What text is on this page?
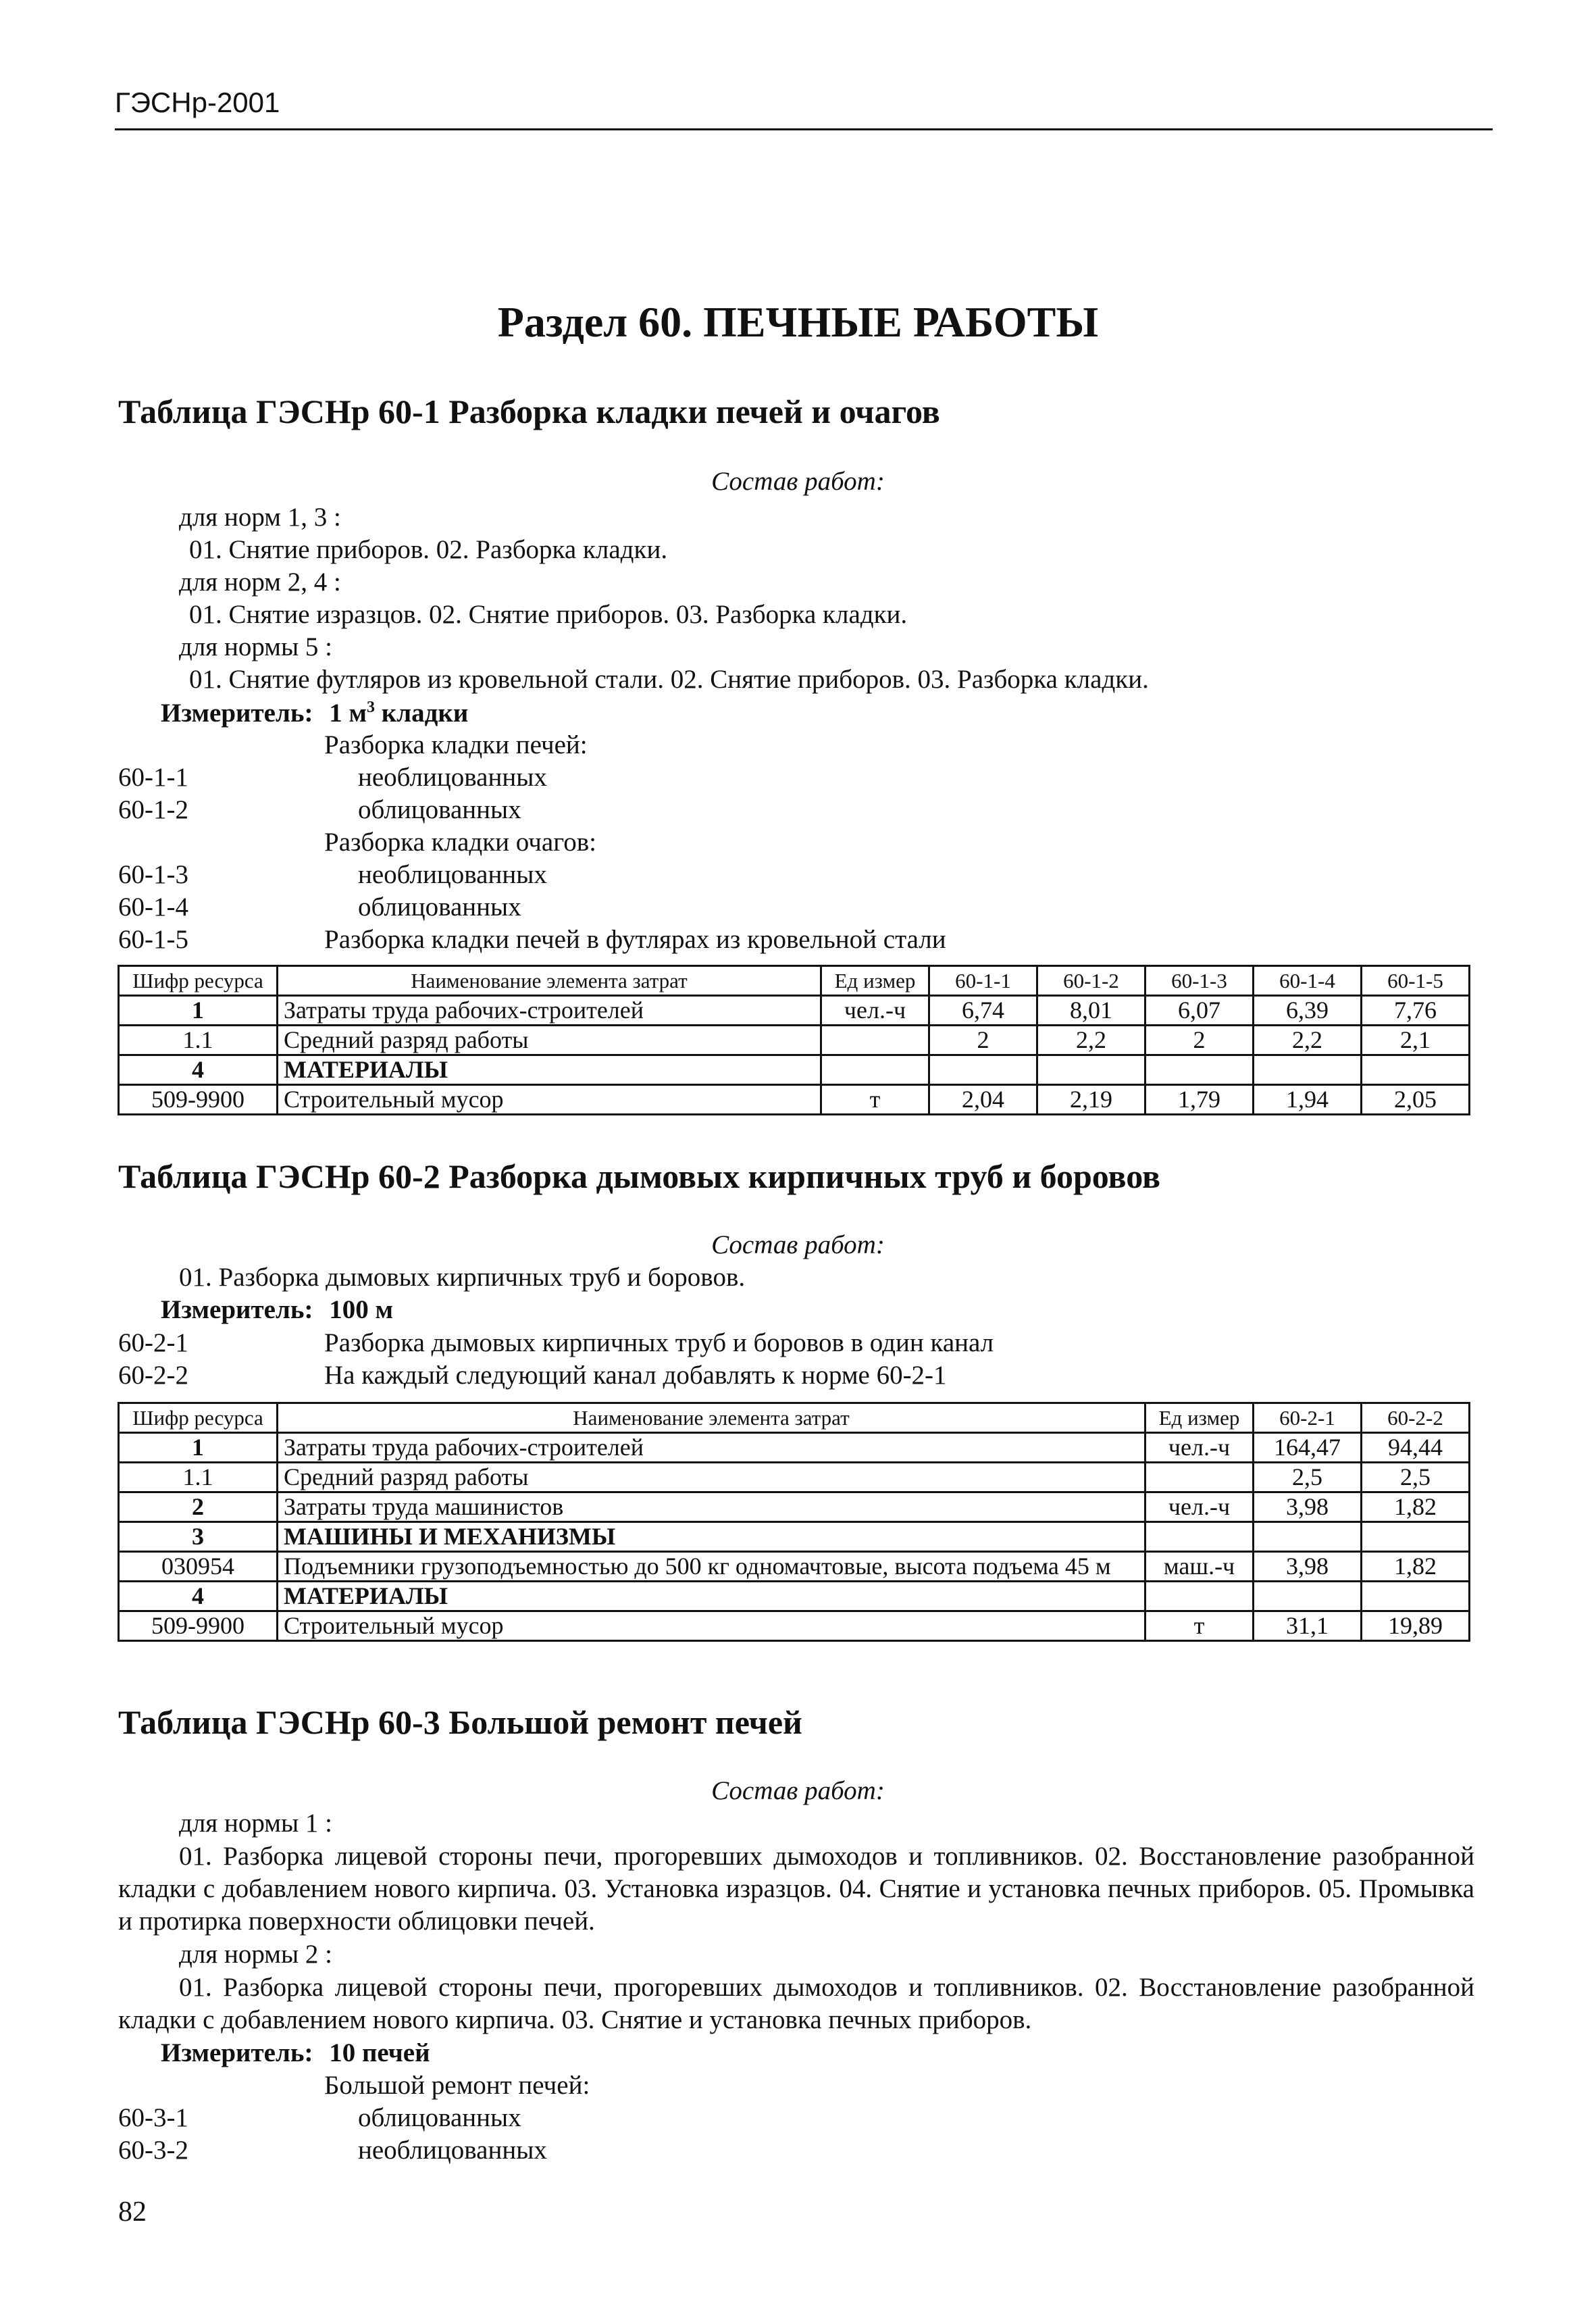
ГЭСНр-2001
Раздел 60. ПЕЧНЫЕ РАБОТЫ
Таблица ГЭСНр 60-1 Разборка кладки печей и очагов
Состав работ:
для норм 1, 3 :
01. Снятие приборов. 02. Разборка кладки.
для норм 2, 4 :
01. Снятие изразцов. 02. Снятие приборов. 03. Разборка кладки.
для нормы 5 :
01. Снятие футляров из кровельной стали. 02. Снятие приборов. 03. Разборка кладки.
Измеритель: 1 $м^3$ кладки
Разборка кладки печей:
60-1-1	необлицованных
60-1-2	облицованных
Разборка кладки очагов:
60-1-3	необлицованных
60-1-4	облицованных
60-1-5	Разборка кладки печей в футлярах из кровельной стали
Шифр ресурса	Наименование элемента затрат	Ед измер	60-1-1	60-1-2	60-1-3	60-1-4	60-1-5
1	Затраты труда рабочих-строителей	чел.-ч	6,74	8,01	6,07	6,39	7,76
1.1	Средний разряд работы		2	2,2	2	2,2	2,1
4	МАТЕРИАЛЫ						
509-9900	Строительный мусор	т	2,04	2,19	1,79	1,94	2,05
Таблица ГЭСНр 60-2 Разборка дымовых кирпичных труб и боровов
Состав работ:
01. Разборка дымовых кирпичных труб и боровов.
Измеритель: 100 м
60-2-1	Разборка дымовых кирпичных труб и боровов в один канал
60-2-2	На каждый следующий канал добавлять к норме 60-2-1
Шифр ресурса	Наименование элемента затрат	Ед измер	60-2-1	60-2-2
1	Затраты труда рабочих-строителей	чел.-ч	164,47	94,44
1.1	Средний разряд работы		2,5	2,5
2	Затраты труда машинистов	чел.-ч	3,98	1,82
3	МАШИНЫ И МЕХАНИЗМЫ			
030954	Подъемники грузоподъемностью до 500 кг одномачтовые, высота подъема 45 м	маш.-ч	3,98	1,82
4	МАТЕРИАЛЫ			
509-9900	Строительный мусор	т	31,1	19,89
Таблица ГЭСНр 60-3 Большой ремонт печей
Состав работ:
для нормы 1 :
01. Разборка лицевой стороны печи, прогоревших дымоходов и топливников. 02. Восстановление разобранной кладки с добавлением нового кирпича. 03. Установка изразцов. 04. Снятие и установка печных приборов. 05. Промывка и протирка поверхности облицовки печей.
для нормы 2 :
01. Разборка лицевой стороны печи, прогоревших дымоходов и топливников. 02. Восстановление разобранной кладки с добавлением нового кирпича. 03. Снятие и установка печных приборов.
Измеритель: 10 печей
Большой ремонт печей:
60-3-1	облицованных
60-3-2	необлицованных
82
